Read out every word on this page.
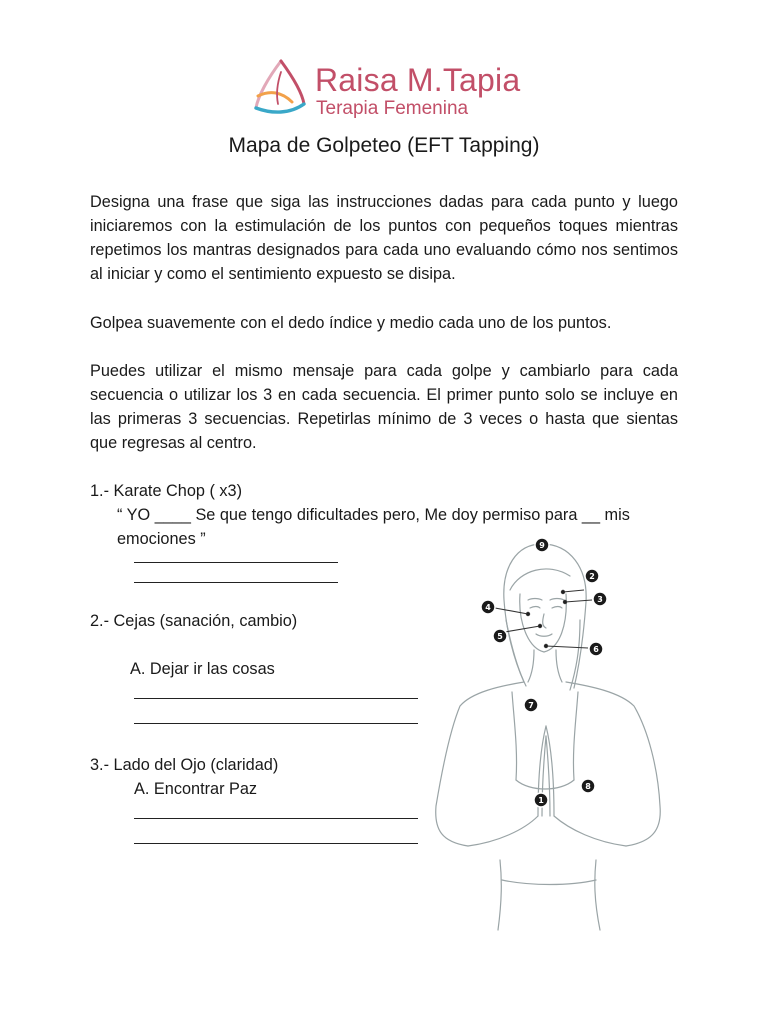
Raisa M.Tapia
Terapia Femenina
Mapa de Golpeteo (EFT Tapping)
Designa una frase que siga las instrucciones dadas para cada punto y luego iniciaremos con la estimulación de los puntos con pequeños toques mientras repetimos los mantras designados para cada uno evaluando cómo nos sentimos al iniciar y como el sentimiento expuesto se disipa.
Golpea suavemente con el dedo índice y medio cada uno de los puntos.
Puedes utilizar el mismo mensaje para cada golpe y cambiarlo para cada secuencia o utilizar los 3 en cada secuencia. El primer punto solo se incluye en las primeras 3 secuencias. Repetirlas mínimo de 3 veces o hasta que sientas que regresas al centro.
1.- Karate Chop ( x3)
“ YO ____ Se que tengo dificultades pero, Me doy permiso para __ mis
emociones ”
2.- Cejas (sanación, cambio)
A. Dejar ir las cosas
3.- Lado del Ojo (claridad)
A. Encontrar Paz
9
2
3
4
5
6
7
8
1
